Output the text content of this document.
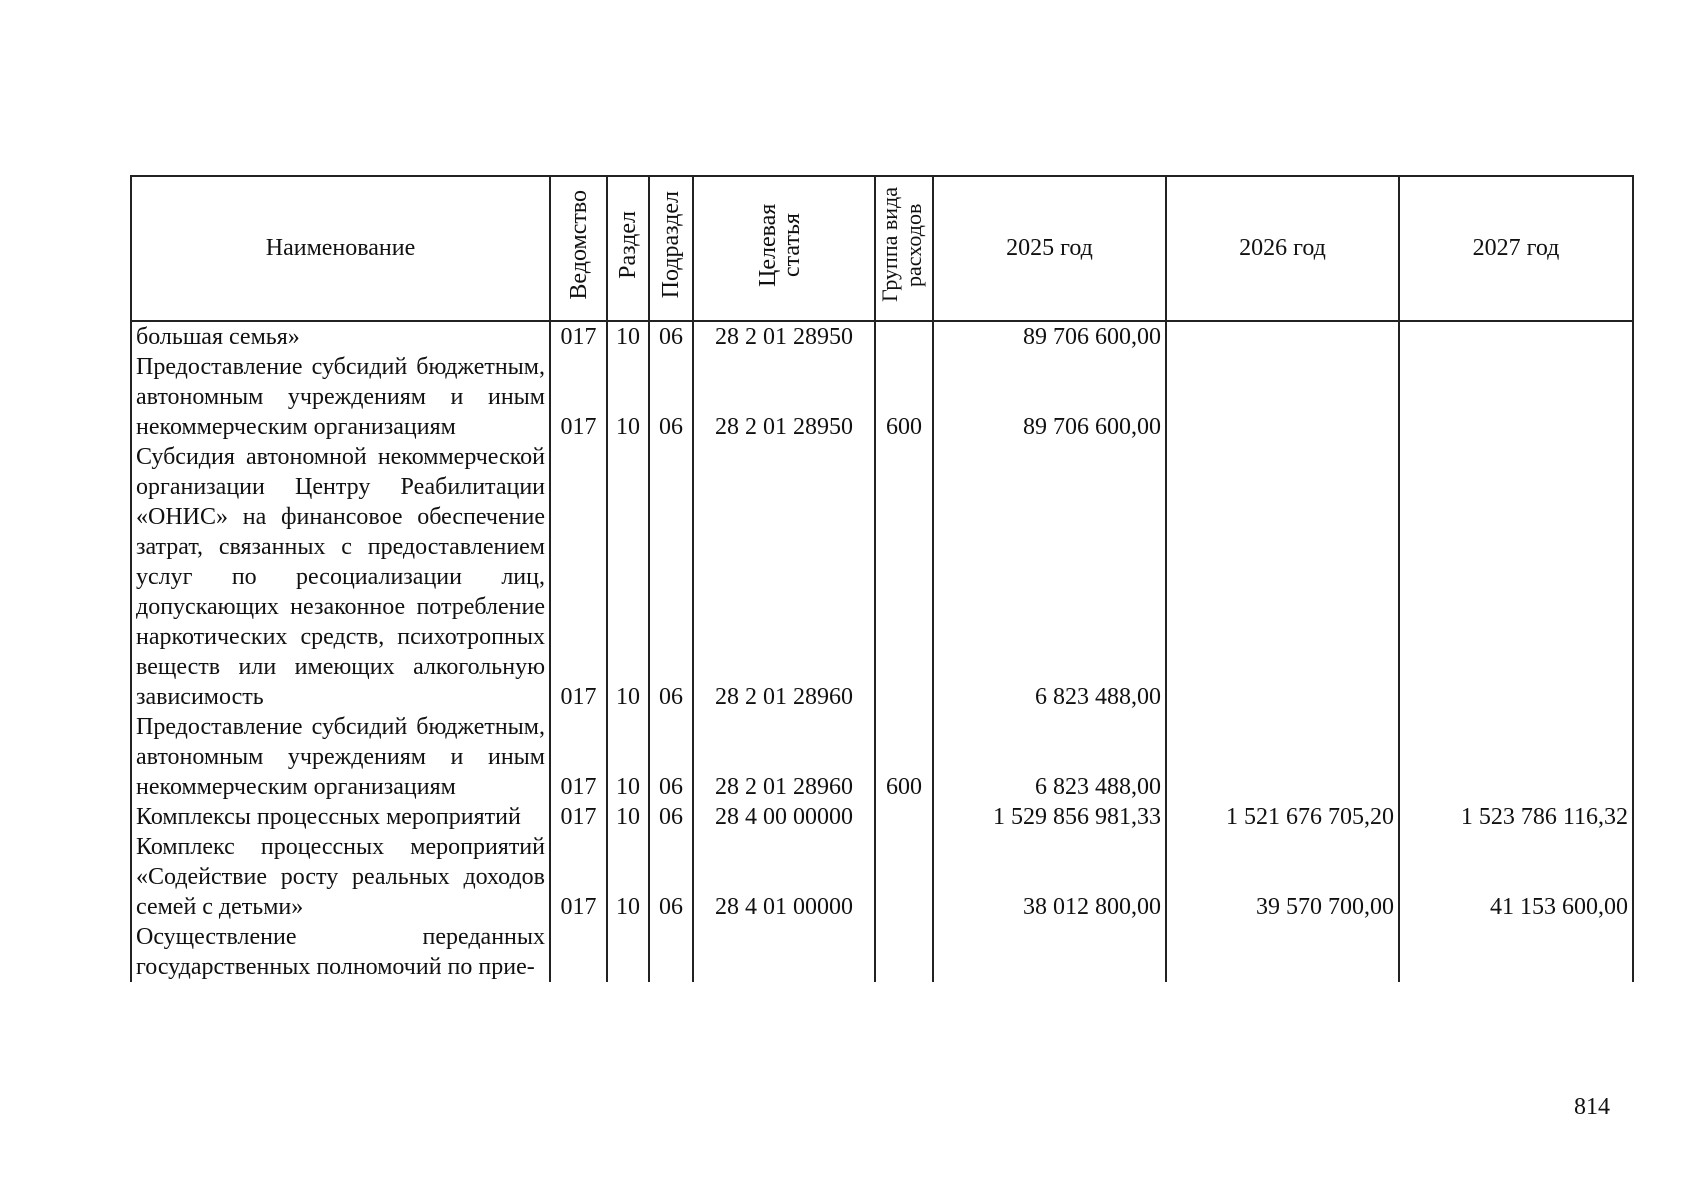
Наименование	Ведомство	Раздел	Подраздел	Целевая статья	Группа вида расходов	2025 год	2026 год	2027 год
большая семья»	017	10	06	28 2 01 28950		89 706 600,00		
Предоставление субсидий бюджетным, автономным учреждениям и иным некоммерческим организациям	017	10	06	28 2 01 28950	600	89 706 600,00		
Субсидия автономной некоммерческой организации Центру Реабилитации «ОНИС» на финансовое обеспечение затрат, связанных с предоставлением услуг по ресоциализации лиц, допускающих незаконное потребление наркотических средств, психотропных веществ или имеющих алкогольную зависимость	017	10	06	28 2 01 28960		6 823 488,00		
Предоставление субсидий бюджетным, автономным учреждениям и иным некоммерческим организациям	017	10	06	28 2 01 28960	600	6 823 488,00		
Комплексы процессных мероприятий	017	10	06	28 4 00 00000		1 529 856 981,33	1 521 676 705,20	1 523 786 116,32
Комплекс процессных мероприятий «Содействие росту реальных доходов семей с детьми»	017	10	06	28 4 01 00000		38 012 800,00	39 570 700,00	41 153 600,00
Осуществление переданных государственных полномочий по прие-								
814
